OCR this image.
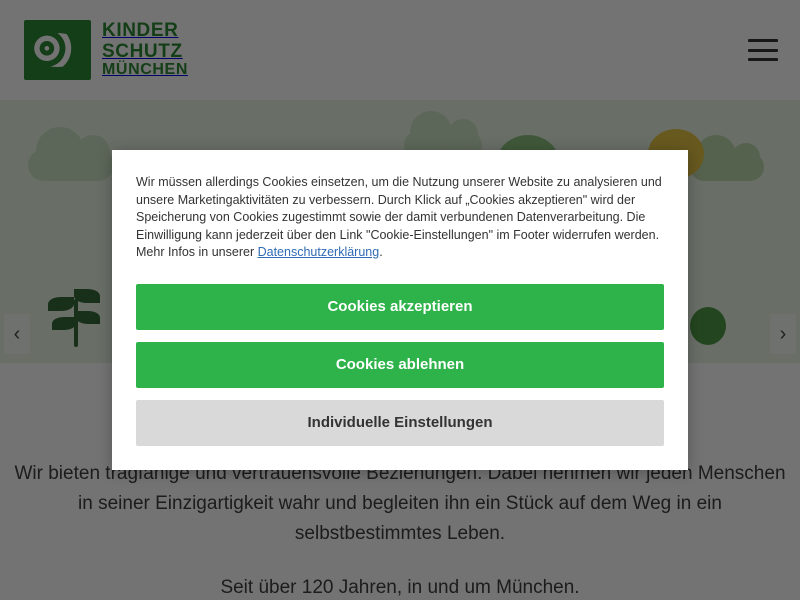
Wir müssen allerdings Cookies einsetzen, um die Nutzung unserer Website zu analysieren und unsere Marketingaktivitäten zu verbessern. Durch Klick auf „Cookies akzeptieren" wird der Speicherung von Cookies zugestimmt sowie der damit verbundenen Datenverarbeitung. Die Einwilligung kann jederzeit über den Link "Cookie-Einstellungen" im Footer widerrufen werden. Mehr Infos in unserer Datenschutzerklärung.
Cookies akzeptieren
Cookies ablehnen
Individuelle Einstellungen
